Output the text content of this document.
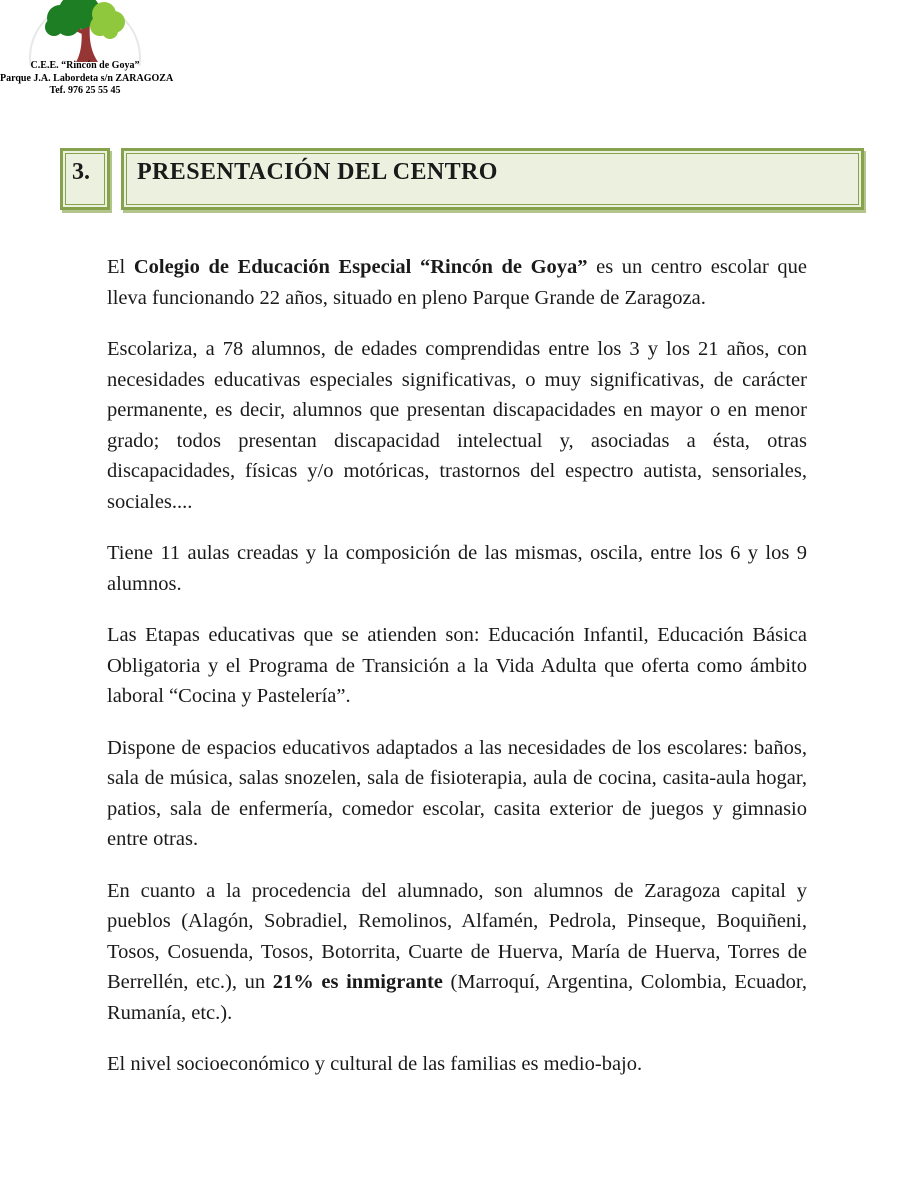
C.E.E. “Rincón de Goya”
Parque J.A. Labordeta s/n ZARAGOZA
Tef. 976 25 55 45
3.	PRESENTACIÓN DEL CENTRO

El Colegio de Educación Especial “Rincón de Goya” es un centro escolar que lleva funcionando 22 años, situado en pleno Parque Grande de Zaragoza.

Escolariza, a 78 alumnos, de edades comprendidas entre los 3 y los 21 años, con necesidades educativas especiales significativas, o muy significativas, de carácter permanente, es decir, alumnos que presentan discapacidades en mayor o en menor grado; todos presentan discapacidad intelectual y, asociadas a ésta, otras discapacidades, físicas y/o motóricas, trastornos del espectro autista, sensoriales, sociales....

Tiene 11 aulas creadas y la composición de las mismas, oscila, entre los 6 y los 9 alumnos.

Las Etapas educativas que se atienden son: Educación Infantil, Educación Básica Obligatoria y el Programa de Transición a la Vida Adulta que oferta como ámbito laboral “Cocina y Pastelería”.

Dispone de espacios educativos adaptados a las necesidades de los escolares: baños, sala de música, salas snozelen, sala de fisioterapia, aula de cocina, casita-aula hogar, patios, sala de enfermería, comedor escolar, casita exterior de juegos y gimnasio entre otras.

En cuanto a la procedencia del alumnado, son alumnos de Zaragoza capital y pueblos (Alagón, Sobradiel, Remolinos, Alfamén, Pedrola, Pinseque, Boquiñeni, Tosos, Cosuenda, Tosos, Botorrita, Cuarte de Huerva, María de Huerva, Torres de Berrellén, etc.), un 21% es inmigrante (Marroquí, Argentina, Colombia, Ecuador, Rumanía, etc.).

El nivel socioeconómico y cultural de las familias es medio-bajo.
